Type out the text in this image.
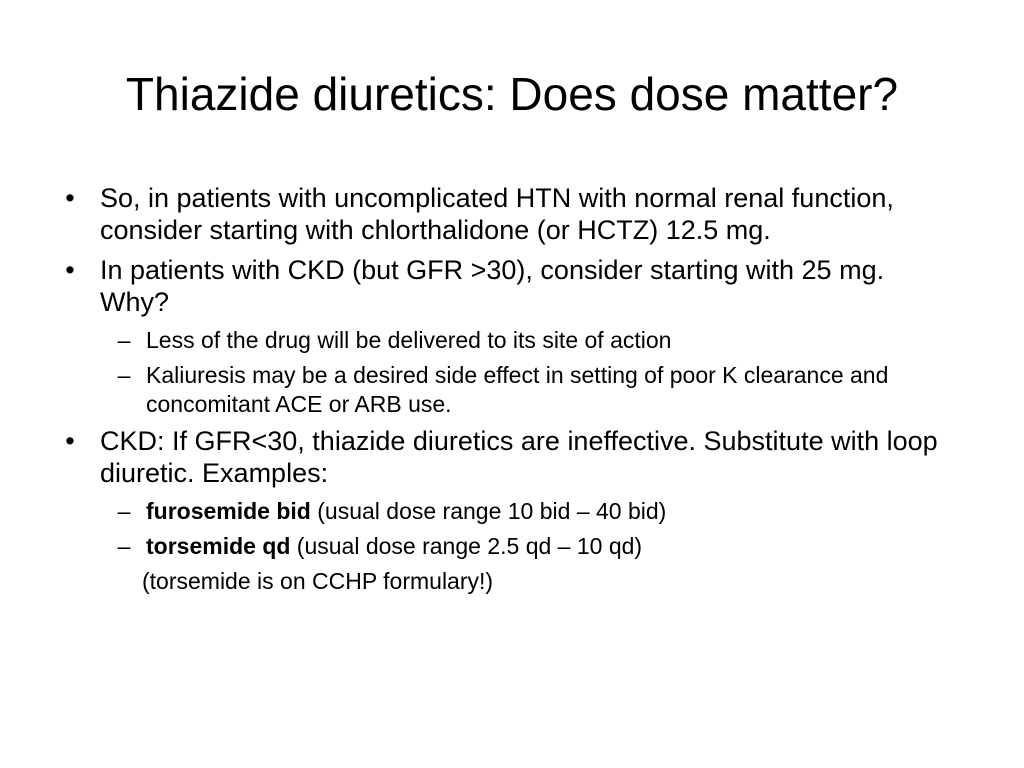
Thiazide diuretics: Does dose matter?
• So, in patients with uncomplicated HTN with normal renal function, consider starting with chlorthalidone (or HCTZ) 12.5 mg.
• In patients with CKD (but GFR >30), consider starting with 25 mg. Why?
– Less of the drug will be delivered to its site of action
– Kaliuresis may be a desired side effect in setting of poor K clearance and concomitant ACE or ARB use.
• CKD: If GFR<30, thiazide diuretics are ineffective. Substitute with loop diuretic. Examples:
– furosemide bid (usual dose range 10 bid – 40 bid)
– torsemide qd (usual dose range 2.5 qd – 10 qd)
(torsemide is on CCHP formulary!)
